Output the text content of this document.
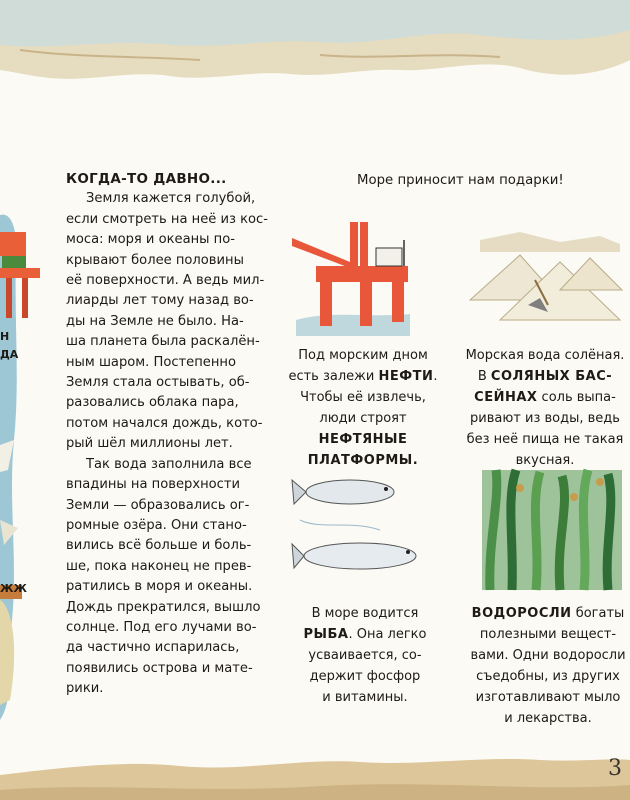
Н
ДА
ЖЖ
КОГДА-ТО ДАВНО...
Земля кажется голубой,
если смотреть на неё из кос-
моса: моря и океаны по-
крывают более половины
её поверхности. А ведь мил-
лиарды лет тому назад во-
ды на Земле не было. На-
ша планета была раскалён-
ным шаром. Постепенно
Земля стала остывать, об-
разовались облака пара,
потом начался дождь, кото-
рый шёл миллионы лет.
Так вода заполнила все
впадины на поверхности
Земли — образовались ог-
ромные озёра. Они стано-
вились всё больше и боль-
ше, пока наконец не прев-
ратились в моря и океаны.
Дождь прекратился, вышло
солнце. Под его лучами во-
да частично испарилась,
появились острова и мате-
рики.
Море приносит нам подарки!
Под морским дном
есть залежи НЕФТИ.
Чтобы её извлечь,
люди строят
НЕФТЯНЫЕ
ПЛАТФОРМЫ.
Морская вода солёная.
В СОЛЯНЫХ БАС-
СЕЙНАХ соль выпа-
ривают из воды, ведь
без неё пища не такая
вкусная.
В море водится
РЫБА. Она легко
усваивается, со-
держит фосфор
и витамины.
ВОДОРОСЛИ богаты
полезными вещест-
вами. Одни водоросли
съедобны, из других
изготавливают мыло
и лекарства.
3
